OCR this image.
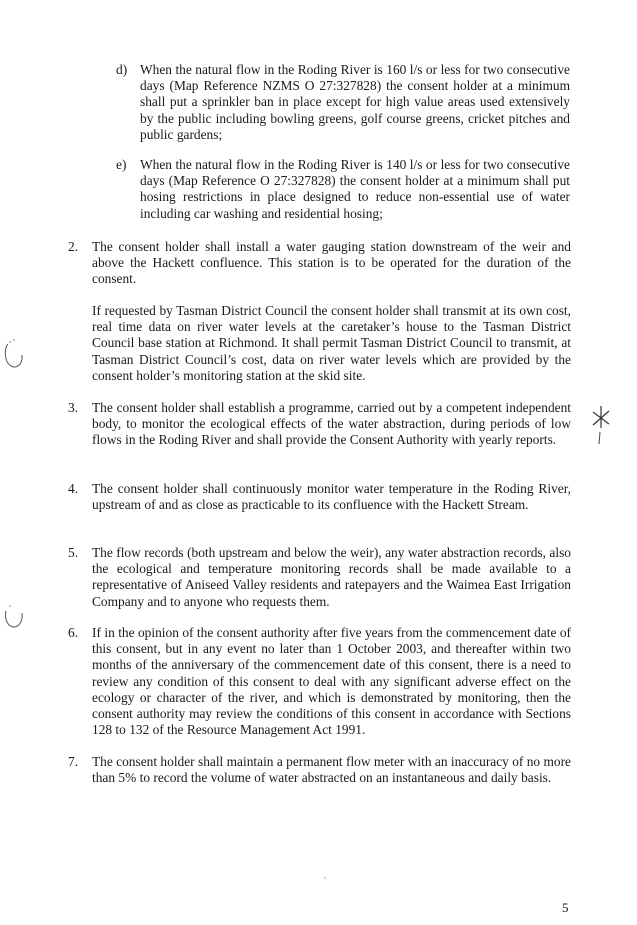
d) When the natural flow in the Roding River is 160 l/s or less for two consecutive days (Map Reference NZMS O 27:327828) the consent holder at a minimum shall put a sprinkler ban in place except for high value areas used extensively by the public including bowling greens, golf course greens, cricket pitches and public gardens;
e) When the natural flow in the Roding River is 140 l/s or less for two consecutive days (Map Reference O 27:327828) the consent holder at a minimum shall put hosing restrictions in place designed to reduce non-essential use of water including car washing and residential hosing;
2. The consent holder shall install a water gauging station downstream of the weir and above the Hackett confluence. This station is to be operated for the duration of the consent.
If requested by Tasman District Council the consent holder shall transmit at its own cost, real time data on river water levels at the caretaker’s house to the Tasman District Council base station at Richmond. It shall permit Tasman District Council to transmit, at Tasman District Council’s cost, data on river water levels which are provided by the consent holder’s monitoring station at the skid site.
3. The consent holder shall establish a programme, carried out by a competent independent body, to monitor the ecological effects of the water abstraction, during periods of low flows in the Roding River and shall provide the Consent Authority with yearly reports.
4. The consent holder shall continuously monitor water temperature in the Roding River, upstream of and as close as practicable to its confluence with the Hackett Stream.
5. The flow records (both upstream and below the weir), any water abstraction records, also the ecological and temperature monitoring records shall be made available to a representative of Aniseed Valley residents and ratepayers and the Waimea East Irrigation Company and to anyone who requests them.
6. If in the opinion of the consent authority after five years from the commencement date of this consent, but in any event no later than 1 October 2003, and thereafter within two months of the anniversary of the commencement date of this consent, there is a need to review any condition of this consent to deal with any significant adverse effect on the ecology or character of the river, and which is demonstrated by monitoring, then the consent authority may review the conditions of this consent in accordance with Sections 128 to 132 of the Resource Management Act 1991.
7. The consent holder shall maintain a permanent flow meter with an inaccuracy of no more than 5% to record the volume of water abstracted on an instantaneous and daily basis.
5
